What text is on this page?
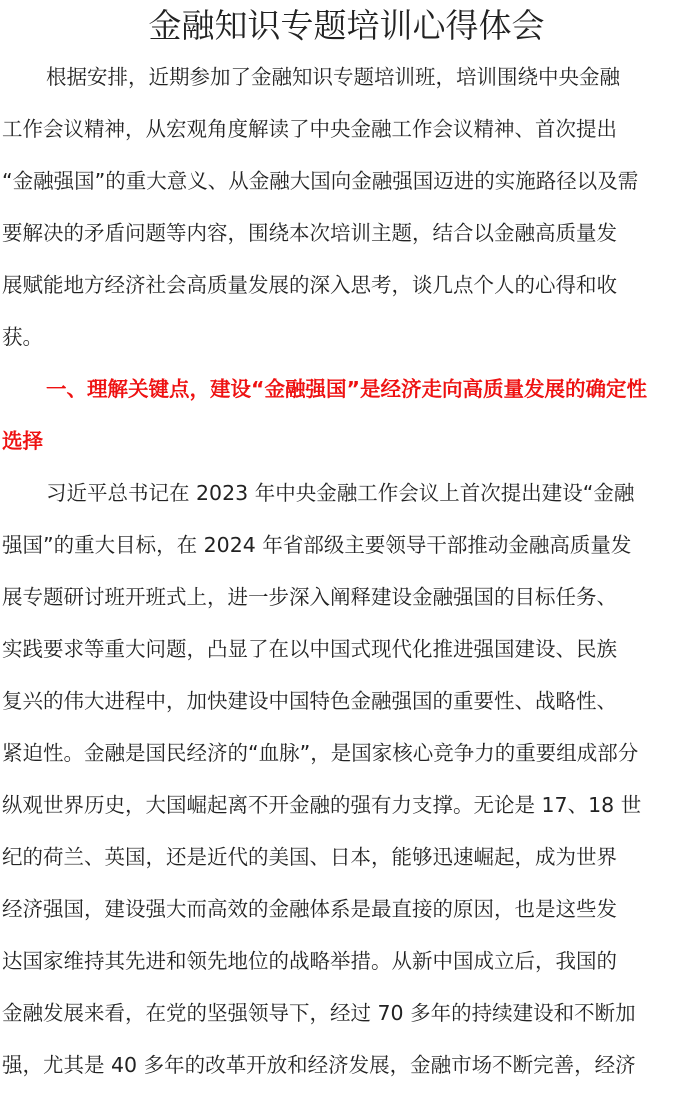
金融知识专题培训心得体会
根据安排，近期参加了金融知识专题培训班，培训围绕中央金融
工作会议精神，从宏观角度解读了中央金融工作会议精神、首次提出
“金融强国”的重大意义、从金融大国向金融强国迈进的实施路径以及需
要解决的矛盾问题等内容，围绕本次培训主题，结合以金融高质量发
展赋能地方经济社会高质量发展的深入思考，谈几点个人的心得和收
获。
一、理解关键点，建设“金融强国”是经济走向高质量发展的确定性
选择
习近平总书记在 2023 年中央金融工作会议上首次提出建设“金融
强国”的重大目标，在 2024 年省部级主要领导干部推动金融高质量发
展专题研讨班开班式上，进一步深入阐释建设金融强国的目标任务、
实践要求等重大问题，凸显了在以中国式现代化推进强国建设、民族
复兴的伟大进程中，加快建设中国特色金融强国的重要性、战略性、
紧迫性。金融是国民经济的“血脉”，是国家核心竞争力的重要组成部分
纵观世界历史，大国崛起离不开金融的强有力支撑。无论是 17、18 世
纪的荷兰、英国，还是近代的美国、日本，能够迅速崛起，成为世界
经济强国，建设强大而高效的金融体系是最直接的原因，也是这些发
达国家维持其先进和领先地位的战略举措。从新中国成立后，我国的
金融发展来看，在党的坚强领导下，经过 70 多年的持续建设和不断加
强，尤其是 40 多年的改革开放和经济发展，金融市场不断完善，经济
